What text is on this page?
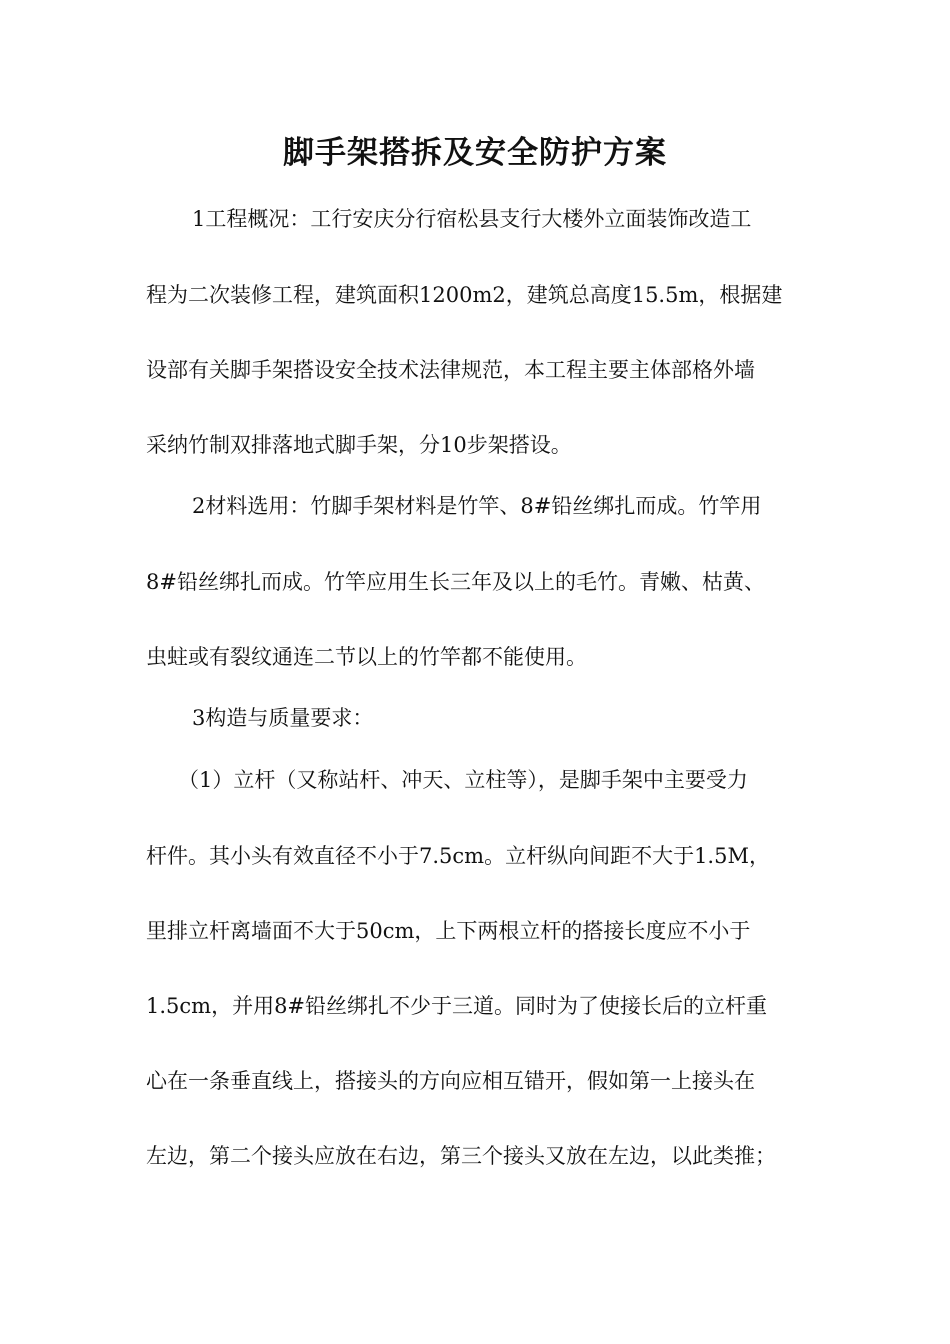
脚手架搭拆及安全防护方案
1工程概况：工行安庆分行宿松县支行大楼外立面装饰改造工
程为二次装修工程，建筑面积1200m2，建筑总高度15.5m，根据建
设部有关脚手架搭设安全技术法律规范，本工程主要主体部格外墙
采纳竹制双排落地式脚手架，分10步架搭设。
2材料选用：竹脚手架材料是竹竿、8#铅丝绑扎而成。竹竿用
8#铅丝绑扎而成。竹竿应用生长三年及以上的毛竹。青嫩、枯黄、
虫蛀或有裂纹通连二节以上的竹竿都不能使用。
3构造与质量要求：
（1）立杆（又称站杆、冲天、立柱等），是脚手架中主要受力
杆件。其小头有效直径不小于7.5cm。立杆纵向间距不大于1.5M，
里排立杆离墙面不大于50cm，上下两根立杆的搭接长度应不小于
1.5cm，并用8#铅丝绑扎不少于三道。同时为了使接长后的立杆重
心在一条垂直线上，搭接头的方向应相互错开，假如第一上接头在
左边，第二个接头应放在右边，第三个接头又放在左边，以此类推；
